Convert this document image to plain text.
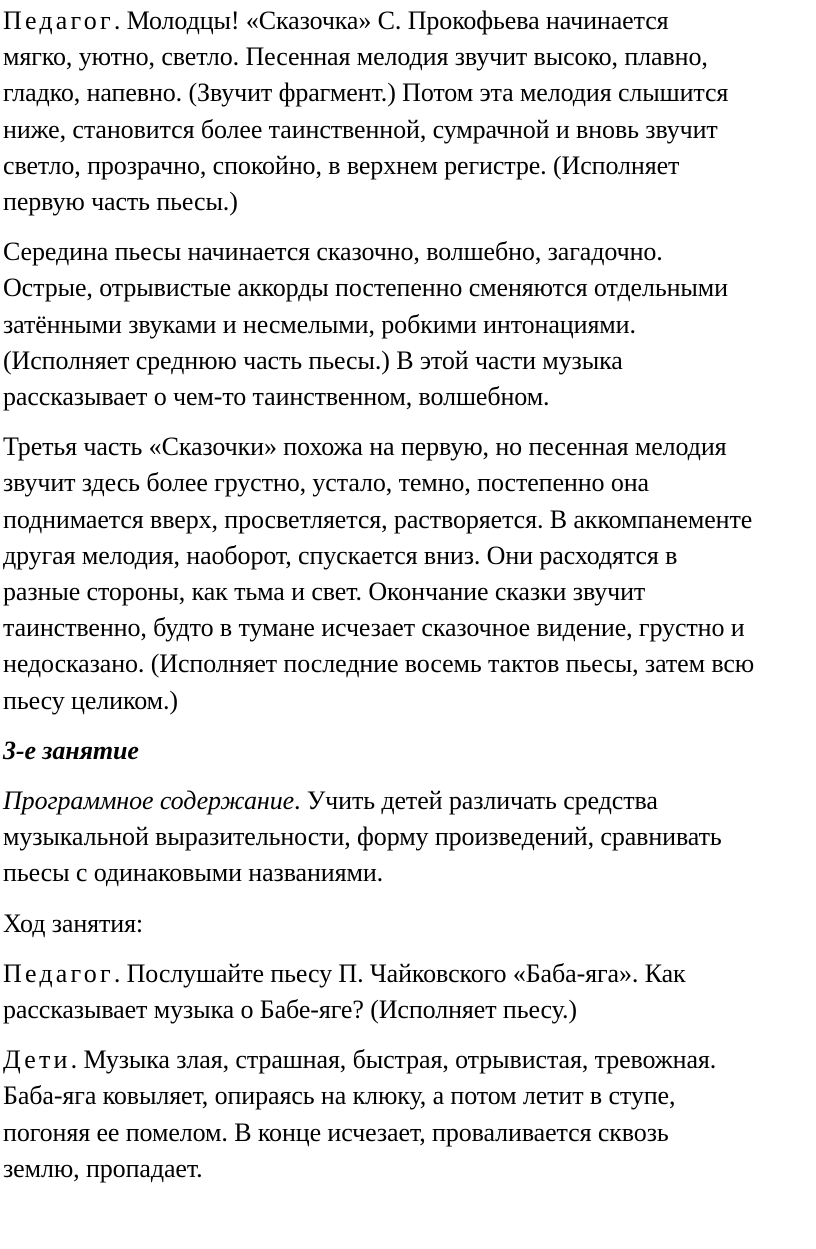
Педагог. Молодцы! «Сказочка» С. Прокофьева начинается
мягко, уютно, светло. Песенная мелодия звучит высоко, плавно,
гладко, напевно. (Звучит фрагмент.) Потом эта мелодия слышится
ниже, становится более таинственной, сумрачной и вновь звучит
светло, прозрачно, спокойно, в верхнем регистре. (Исполняет
первую часть пьесы.)

Середина пьесы начинается сказочно, волшебно, загадочно.
Острые, отрывистые аккорды постепенно сменяются отдельными
затёнными звуками и несмелыми, робкими интонациями.
(Исполняет среднюю часть пьесы.) В этой части музыка
рассказывает о чем-то таинственном, волшебном.

Третья часть «Сказочки» похожа на первую, но песенная мелодия
звучит здесь более грустно, устало, темно, постепенно она
поднимается вверх, просветляется, растворяется. В аккомпанементе
другая мелодия, наоборот, спускается вниз. Они расходятся в
разные стороны, как тьма и свет. Окончание сказки звучит
таинственно, будто в тумане исчезает сказочное видение, грустно и
недосказано. (Исполняет последние восемь тактов пьесы, затем всю
пьесу целиком.)

3-е занятие

Программное содержание. Учить детей различать средства
музыкальной выразительности, форму произведений, сравнивать
пьесы с одинаковыми названиями.

Ход занятия:

Педагог. Послушайте пьесу П. Чайковского «Баба-яга». Как
рассказывает музыка о Бабе-яге? (Исполняет пьесу.)

Дети. Музыка злая, страшная, быстрая, отрывистая, тревожная.
Баба-яга ковыляет, опираясь на клюку, а потом летит в ступе,
погоняя ее помелом. В конце исчезает, проваливается сквозь
землю, пропадает.
